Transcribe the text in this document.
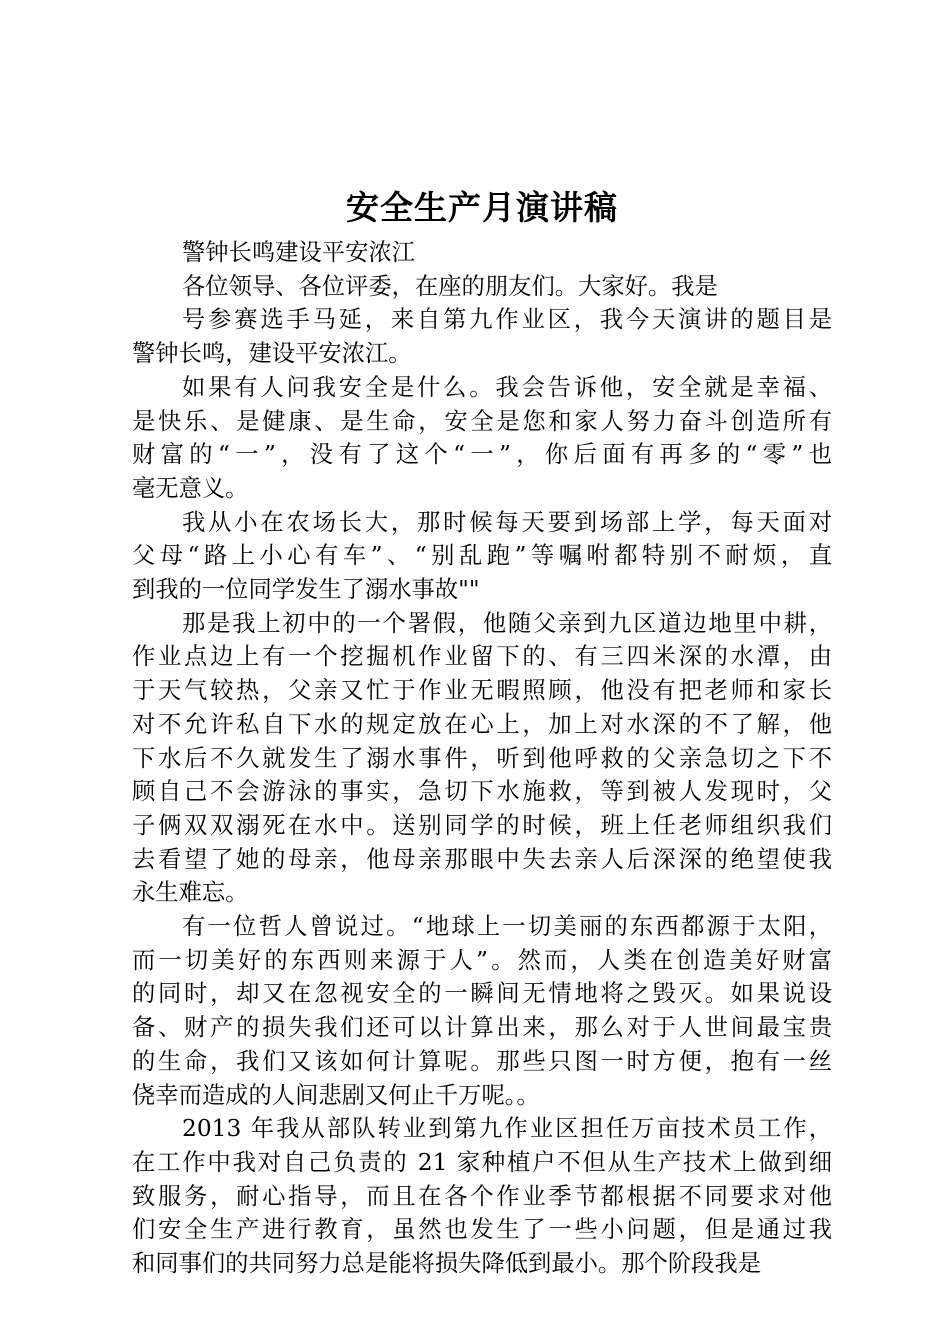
安全生产月演讲稿
警钟长鸣建设平安浓江
各位领导、各位评委，在座的朋友们。大家好。我是
号参赛选手马延，来自第九作业区，我今天演讲的题目是
警钟长鸣，建设平安浓江。
如果有人问我安全是什么。我会告诉他，安全就是幸福、
是快乐、是健康、是生命，安全是您和家人努力奋斗创造所有
财富的“一”，没有了这个“一”，你后面有再多的“零”也
毫无意义。
我从小在农场长大，那时候每天要到场部上学，每天面对
父母“路上小心有车”、“别乱跑”等嘱咐都特别不耐烦，直
到我的一位同学发生了溺水事故""
那是我上初中的一个署假，他随父亲到九区道边地里中耕，
作业点边上有一个挖掘机作业留下的、有三四米深的水潭，由
于天气较热，父亲又忙于作业无暇照顾，他没有把老师和家长
对不允许私自下水的规定放在心上，加上对水深的不了解，他
下水后不久就发生了溺水事件，听到他呼救的父亲急切之下不
顾自己不会游泳的事实，急切下水施救，等到被人发现时，父
子俩双双溺死在水中。送别同学的时候，班上任老师组织我们
去看望了她的母亲，他母亲那眼中失去亲人后深深的绝望使我
永生难忘。
有一位哲人曾说过。“地球上一切美丽的东西都源于太阳，
而一切美好的东西则来源于人”。然而，人类在创造美好财富
的同时，却又在忽视安全的一瞬间无情地将之毁灭。如果说设
备、财产的损失我们还可以计算出来，那么对于人世间最宝贵
的生命，我们又该如何计算呢。那些只图一时方便，抱有一丝
侥幸而造成的人间悲剧又何止千万呢。。
2013 年我从部队转业到第九作业区担任万亩技术员工作，
在工作中我对自己负责的 21 家种植户不但从生产技术上做到细
致服务，耐心指导，而且在各个作业季节都根据不同要求对他
们安全生产进行教育，虽然也发生了一些小问题，但是通过我
和同事们的共同努力总是能将损失降低到最小。那个阶段我是
